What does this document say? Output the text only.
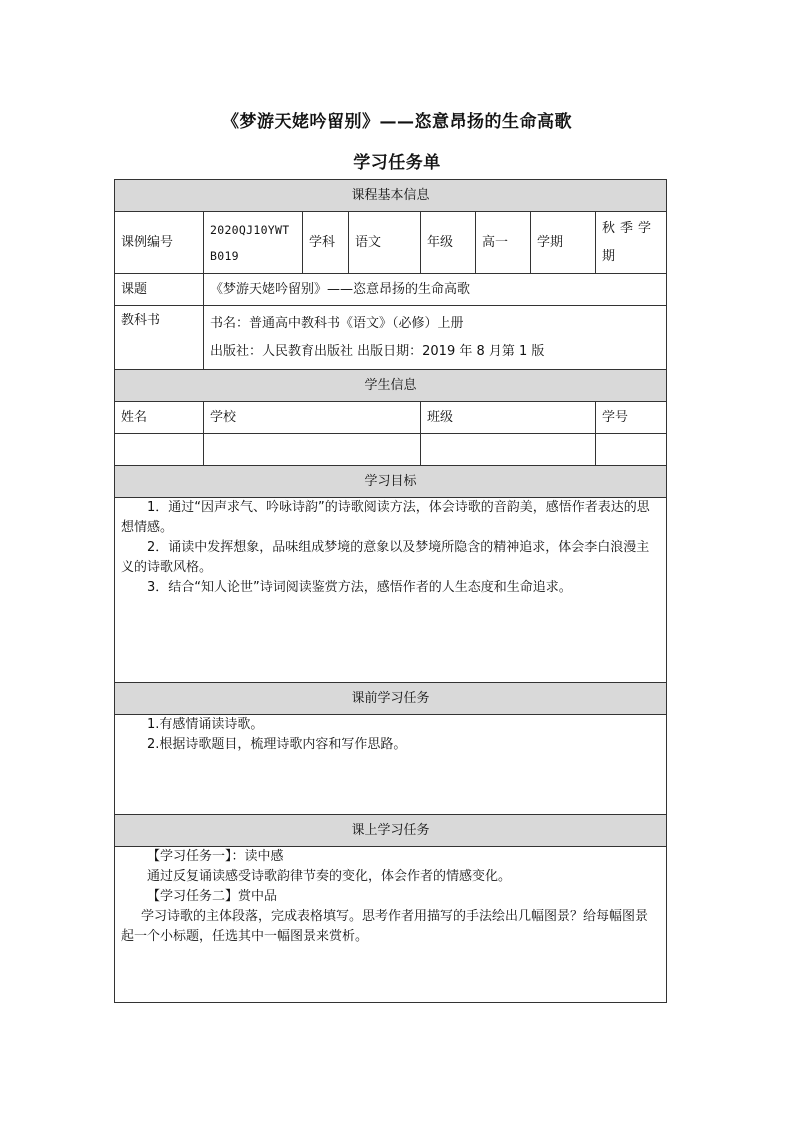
《梦游天姥吟留别》——恣意昂扬的生命高歌
学习任务单
课程基本信息							
课例编号	2020QJ10YWTB019	学科	语文	年级	高一	学期	秋季学期
课题	《梦游天姥吟留别》——恣意昂扬的生命高歌						
教科书	书名：普通高中教科书《语文》（必修）上册

出版社：人民教育出版社 出版日期：2019 年 8 月第 1 版						

学生信息							
姓名	学校			班级			学号

学习目标							

1．通过“因声求气、吟咏诗韵”的诗歌阅读方法，体会诗歌的音韵美，感悟作者表达的思想情感。

2．诵读中发挥想象，品味组成梦境的意象以及梦境所隐含的精神追求，体会李白浪漫主义的诗歌风格。

3．结合“知人论世”诗词阅读鉴赏方法，感悟作者的人生态度和生命追求。							

课前学习任务							

1.有感情诵读诗歌。

2.根据诗歌题目，梳理诗歌内容和写作思路。							

课上学习任务							

【学习任务一】：读中感

通过反复诵读感受诗歌韵律节奏的变化，体会作者的情感变化。

【学习任务二】赏中品

学习诗歌的主体段落，完成表格填写。思考作者用描写的手法绘出几幅图景？给每幅图景起一个小标题，任选其中一幅图景来赏析。							
